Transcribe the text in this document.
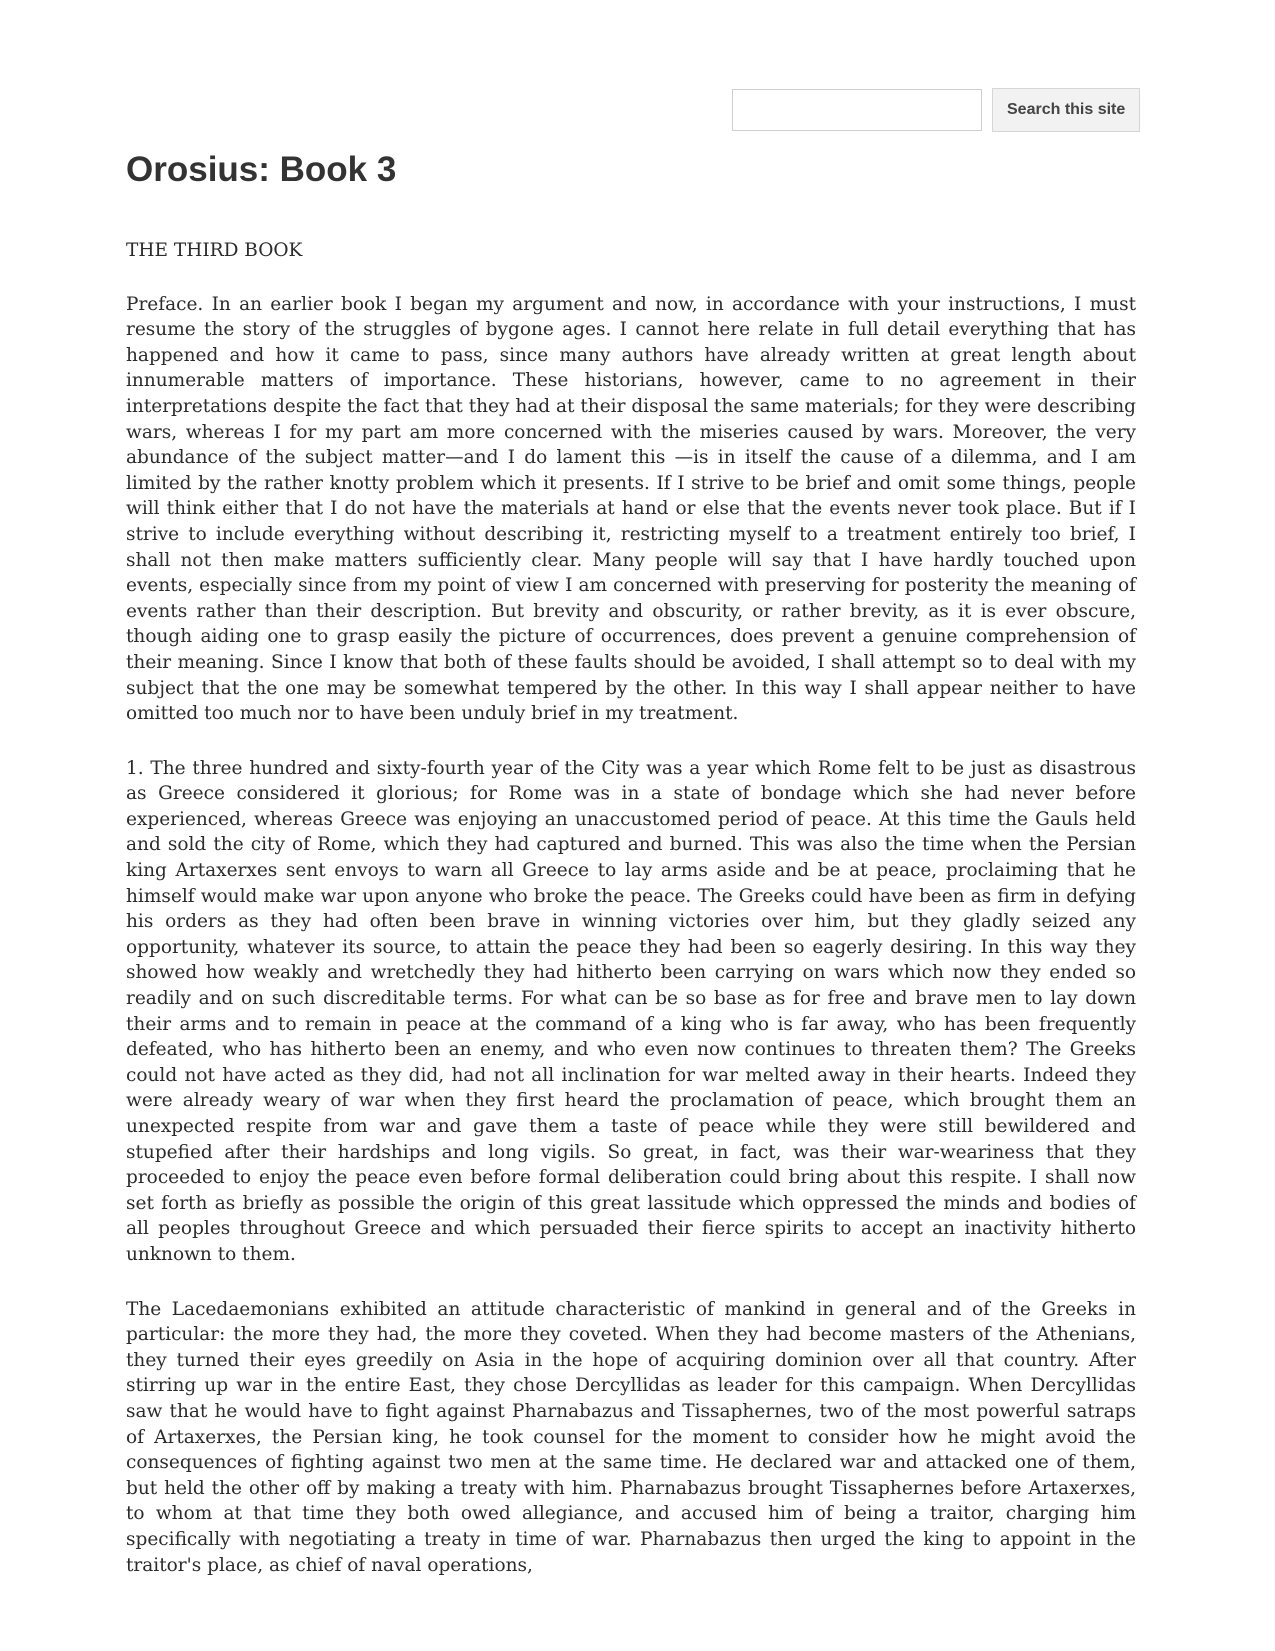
Search this site
Orosius: Book 3

THE THIRD BOOK

Preface. In an earlier book I began my argument and now, in accordance with your instructions, I must resume the story of the struggles of bygone ages. I cannot here relate in full detail everything that has happened and how it came to pass, since many authors have already written at great length about innumerable matters of importance. These historians, however, came to no agreement in their interpretations despite the fact that they had at their disposal the same materials; for they were describing wars, whereas I for my part am more concerned with the miseries caused by wars. Moreover, the very abundance of the subject matter—and I do lament this —is in itself the cause of a dilemma, and I am limited by the rather knotty problem which it presents. If I strive to be brief and omit some things, people will think either that I do not have the materials at hand or else that the events never took place. But if I strive to include everything without describing it, restricting myself to a treatment entirely too brief, I shall not then make matters sufficiently clear. Many people will say that I have hardly touched upon events, especially since from my point of view I am concerned with preserving for posterity the meaning of events rather than their description. But brevity and obscurity, or rather brevity, as it is ever obscure, though aiding one to grasp easily the picture of occurrences, does prevent a genuine comprehension of their meaning. Since I know that both of these faults should be avoided, I shall attempt so to deal with my subject that the one may be somewhat tempered by the other. In this way I shall appear neither to have omitted too much nor to have been unduly brief in my treatment.

1. The three hundred and sixty-fourth year of the City was a year which Rome felt to be just as disastrous as Greece considered it glorious; for Rome was in a state of bondage which she had never before experienced, whereas Greece was enjoying an unaccustomed period of peace. At this time the Gauls held and sold the city of Rome, which they had captured and burned. This was also the time when the Persian king Artaxerxes sent envoys to warn all Greece to lay arms aside and be at peace, proclaiming that he himself would make war upon anyone who broke the peace. The Greeks could have been as firm in defying his orders as they had often been brave in winning victories over him, but they gladly seized any opportunity, whatever its source, to attain the peace they had been so eagerly desiring. In this way they showed how weakly and wretchedly they had hitherto been carrying on wars which now they ended so readily and on such discreditable terms. For what can be so base as for free and brave men to lay down their arms and to remain in peace at the command of a king who is far away, who has been frequently defeated, who has hitherto been an enemy, and who even now continues to threaten them? The Greeks could not have acted as they did, had not all inclination for war melted away in their hearts. Indeed they were already weary of war when they first heard the proclamation of peace, which brought them an unexpected respite from war and gave them a taste of peace while they were still bewildered and stupefied after their hardships and long vigils. So great, in fact, was their war-weariness that they proceeded to enjoy the peace even before formal deliberation could bring about this respite. I shall now set forth as briefly as possible the origin of this great lassitude which oppressed the minds and bodies of all peoples throughout Greece and which persuaded their fierce spirits to accept an inactivity hitherto unknown to them.

The Lacedaemonians exhibited an attitude characteristic of mankind in general and of the Greeks in particular: the more they had, the more they coveted. When they had become masters of the Athenians, they turned their eyes greedily on Asia in the hope of acquiring dominion over all that country. After stirring up war in the entire East, they chose Dercyllidas as leader for this campaign. When Dercyllidas saw that he would have to fight against Pharnabazus and Tissaphernes, two of the most powerful satraps of Artaxerxes, the Persian king, he took counsel for the moment to consider how he might avoid the consequences of fighting against two men at the same time. He declared war and attacked one of them, but held the other off by making a treaty with him. Pharnabazus brought Tissaphernes before Artaxerxes, to whom at that time they both owed allegiance, and accused him of being a traitor, charging him specifically with negotiating a treaty in time of war. Pharnabazus then urged the king to appoint in the traitor's place, as chief of naval operations,
